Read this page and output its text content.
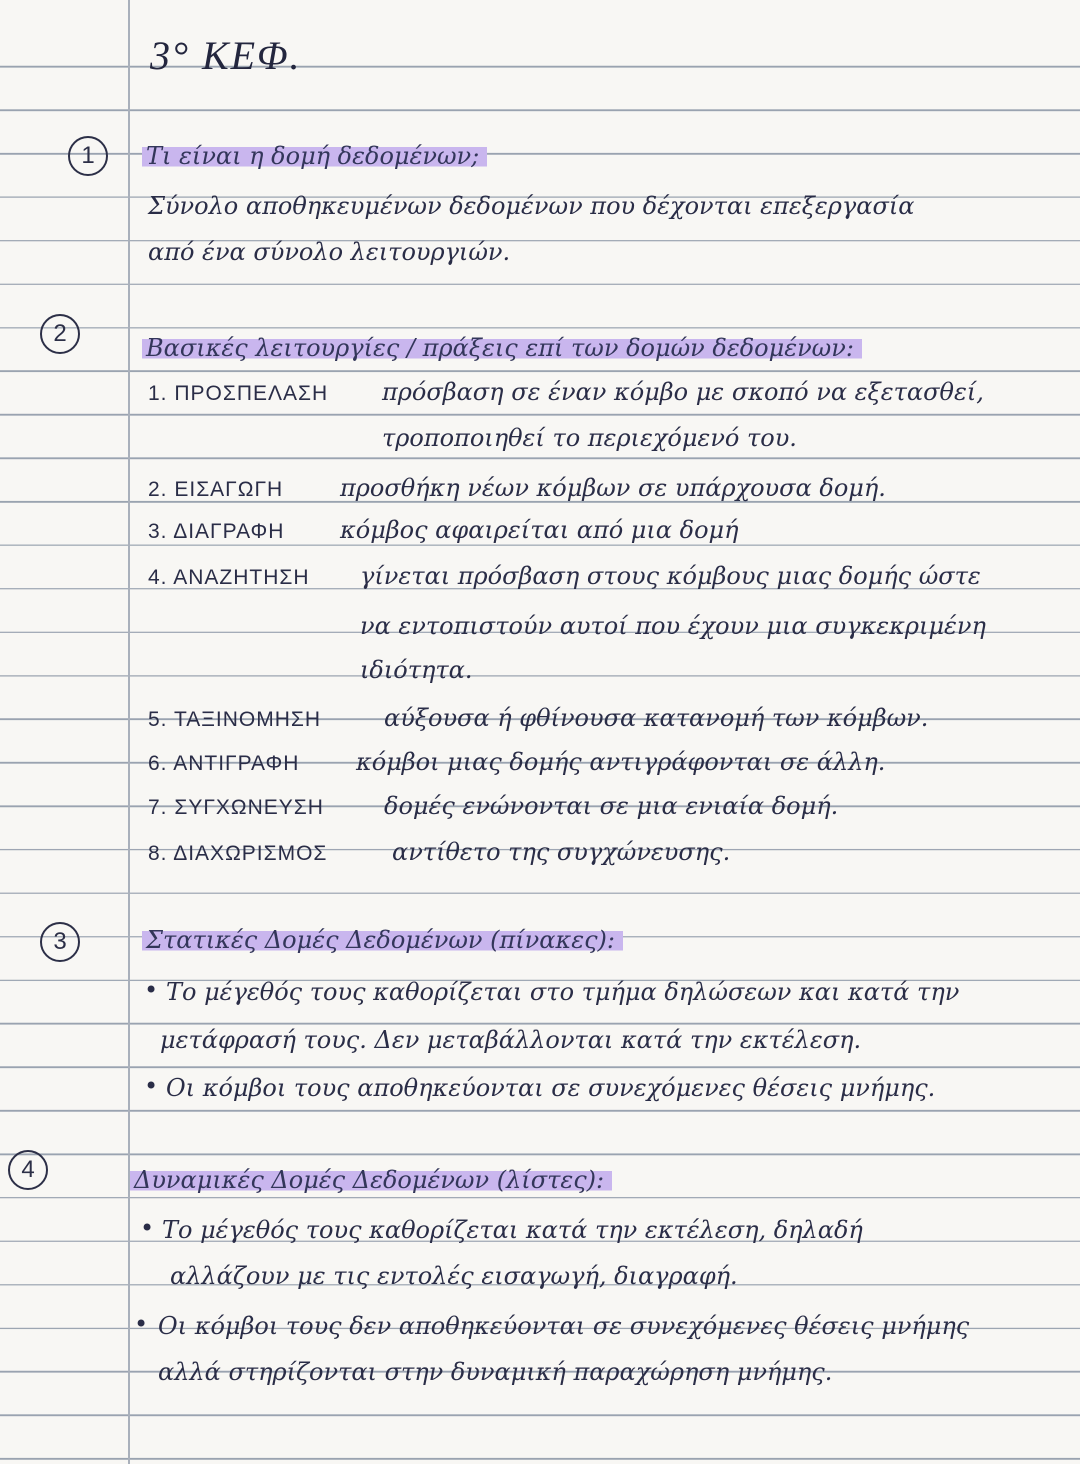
3° ΚΕΦ.
1	Τι είναι η δομή δεδομένων;
Σύνολο αποθηκευμένων δεδομένων που δέχονται επεξεργασία
από ένα σύνολο λειτουργιών.
2
Βασικές λειτουργίες / πράξεις επί των δομών δεδομένων:
1. ΠΡΟΣΠΕΛΑΣΗ πρόσβαση σε έναν κόμβο με σκοπό να εξετασθεί,
τροποποιηθεί το περιεχόμενό του.
2. ΕΙΣΑΓΩΓΗ προσθήκη νέων κόμβων σε υπάρχουσα δομή.
3. ΔΙΑΓΡΑΦΗ κόμβος αφαιρείται από μια δομή
4. ΑΝΑΖΗΤΗΣΗ γίνεται πρόσβαση στους κόμβους μιας δομής ώστε
να εντοπιστούν αυτοί που έχουν μια συγκεκριμένη
ιδιότητα.
5. ΤΑΞΙΝΟΜΗΣΗ	αύξουσα ή φθίνουσα κατανομή των κόμβων.
6. ΑΝΤΙΓΡΑΦΗ κόμβοι μιας δομής αντιγράφονται σε άλλη.
7. ΣΥΓΧΩΝΕΥΣΗ	δομές ενώνονται σε μια ενιαία δομή.
8. ΔΙΑΧΩΡΙΣΜΟΣ	αντίθετο της συγχώνευσης.
3	Στατικές Δομές Δεδομένων (πίνακες):
• Το μέγεθός τους καθορίζεται στο τμήμα δηλώσεων και κατά την
μετάφρασή τους. Δεν μεταβάλλονται κατά την εκτέλεση.
• Οι κόμβοι τους αποθηκεύονται σε συνεχόμενες θέσεις μνήμης.
4	Δυναμικές Δομές Δεδομένων (λίστες):
• Το μέγεθός τους καθορίζεται κατά την εκτέλεση, δηλαδή
αλλάζουν με τις εντολές εισαγωγή, διαγραφή.
• Οι κόμβοι τους δεν αποθηκεύονται σε συνεχόμενες θέσεις μνήμης
αλλά στηρίζονται στην δυναμική παραχώρηση μνήμης.
